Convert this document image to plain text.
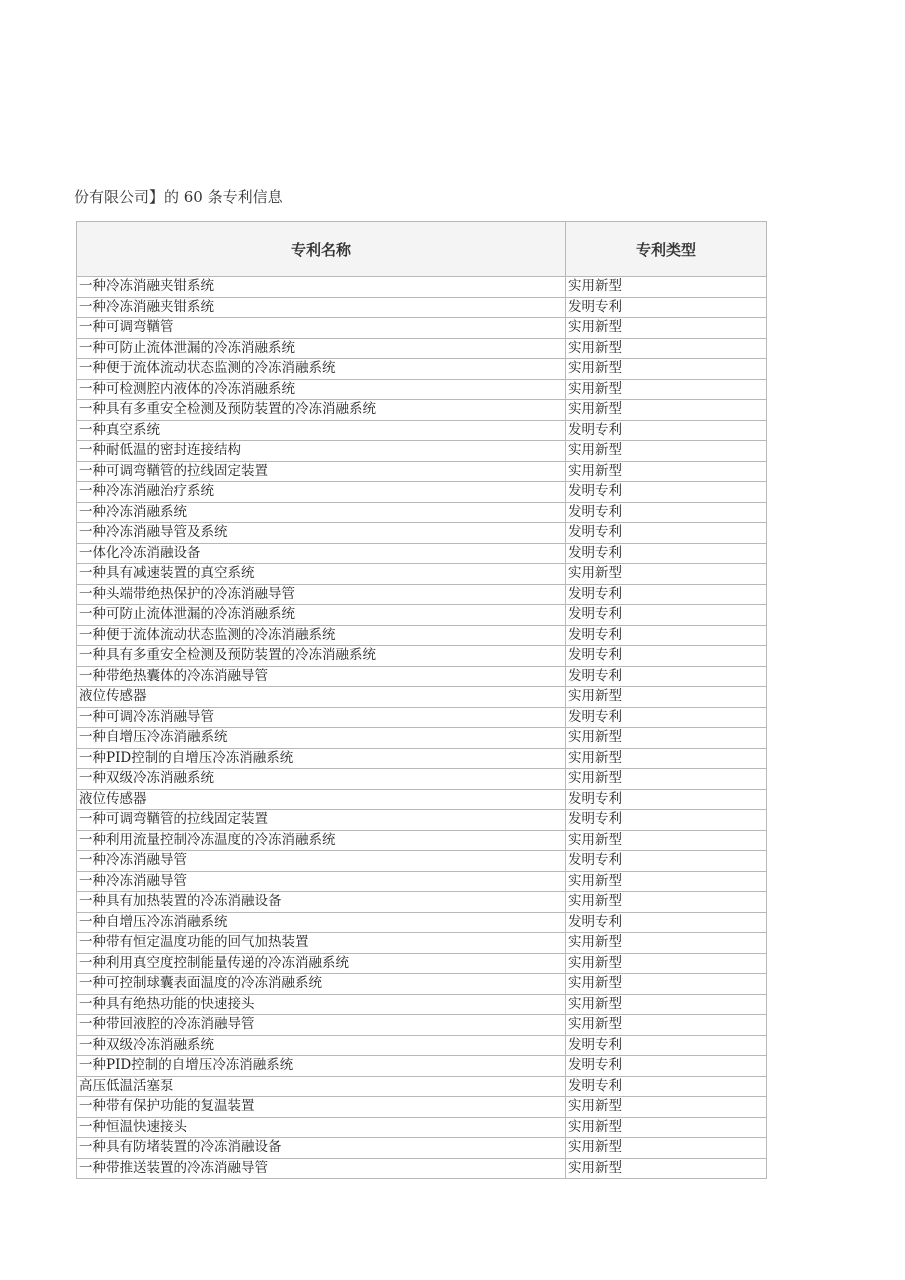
份有限公司】的 60 条专利信息
专利名称	专利类型
一种冷冻消融夹钳系统	实用新型
一种冷冻消融夹钳系统	发明专利
一种可调弯鞧管	实用新型
一种可防止流体泄漏的冷冻消融系统	实用新型
一种便于流体流动状态监测的冷冻消融系统	实用新型
一种可检测腔内液体的冷冻消融系统	实用新型
一种具有多重安全检测及预防装置的冷冻消融系统	实用新型
一种真空系统	发明专利
一种耐低温的密封连接结构	实用新型
一种可调弯鞧管的拉线固定装置	实用新型
一种冷冻消融治疗系统	发明专利
一种冷冻消融系统	发明专利
一种冷冻消融导管及系统	发明专利
一体化冷冻消融设备	发明专利
一种具有减速装置的真空系统	实用新型
一种头端带绝热保护的冷冻消融导管	发明专利
一种可防止流体泄漏的冷冻消融系统	发明专利
一种便于流体流动状态监测的冷冻消融系统	发明专利
一种具有多重安全检测及预防装置的冷冻消融系统	发明专利
一种带绝热囊体的冷冻消融导管	发明专利
液位传感器	实用新型
一种可调冷冻消融导管	发明专利
一种自增压冷冻消融系统	实用新型
一种PID控制的自增压冷冻消融系统	实用新型
一种双级冷冻消融系统	实用新型
液位传感器	发明专利
一种可调弯鞧管的拉线固定装置	发明专利
一种利用流量控制冷冻温度的冷冻消融系统	实用新型
一种冷冻消融导管	发明专利
一种冷冻消融导管	实用新型
一种具有加热装置的冷冻消融设备	实用新型
一种自增压冷冻消融系统	发明专利
一种带有恒定温度功能的回气加热装置	实用新型
一种利用真空度控制能量传递的冷冻消融系统	实用新型
一种可控制球囊表面温度的冷冻消融系统	实用新型
一种具有绝热功能的快速接头	实用新型
一种带回液腔的冷冻消融导管	实用新型
一种双级冷冻消融系统	发明专利
一种PID控制的自增压冷冻消融系统	发明专利
高压低温活塞泵	发明专利
一种带有保护功能的复温装置	实用新型
一种恒温快速接头	实用新型
一种具有防堵装置的冷冻消融设备	实用新型
一种带推送装置的冷冻消融导管	实用新型
